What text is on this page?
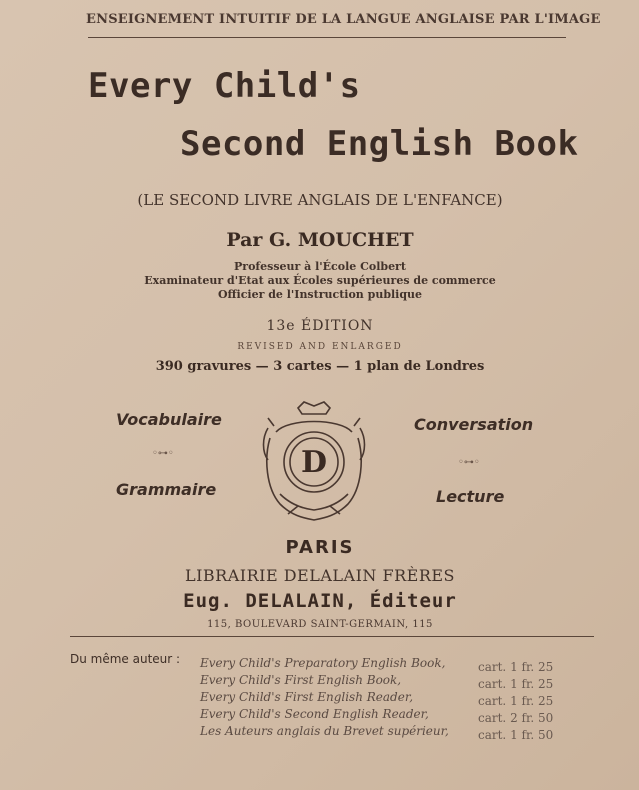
ENSEIGNEMENT INTUITIF DE LA LANGUE ANGLAISE PAR L'IMAGE
Every Child's
Second English Book
(LE SECOND LIVRE ANGLAIS DE L'ENFANCE)
Par G. MOUCHET
Professeur à l'École Colbert
Examinateur d'Etat aux Écoles supérieures de commerce
Officier de l'Instruction publique
13e ÉDITION
REVISED AND ENLARGED
390 gravures — 3 cartes — 1 plan de Londres
Vocabulaire
◦⊶◦
Grammaire
Conversation
◦⊶◦
Lecture
D
PARIS
LIBRAIRIE DELALAIN FRÈRES
Eug. DELALAIN, Éditeur
115, BOULEVARD SAINT-GERMAIN, 115
Du même auteur : Every Child's Preparatory English Book,	cart. 1 fr. 25
Every Child's First English Book,	cart. 1 fr. 25
Every Child's First English Reader,	cart. 1 fr. 25
Every Child's Second English Reader,	cart. 2 fr. 50
Les Auteurs anglais du Brevet supérieur, cart. 1 fr. 50
